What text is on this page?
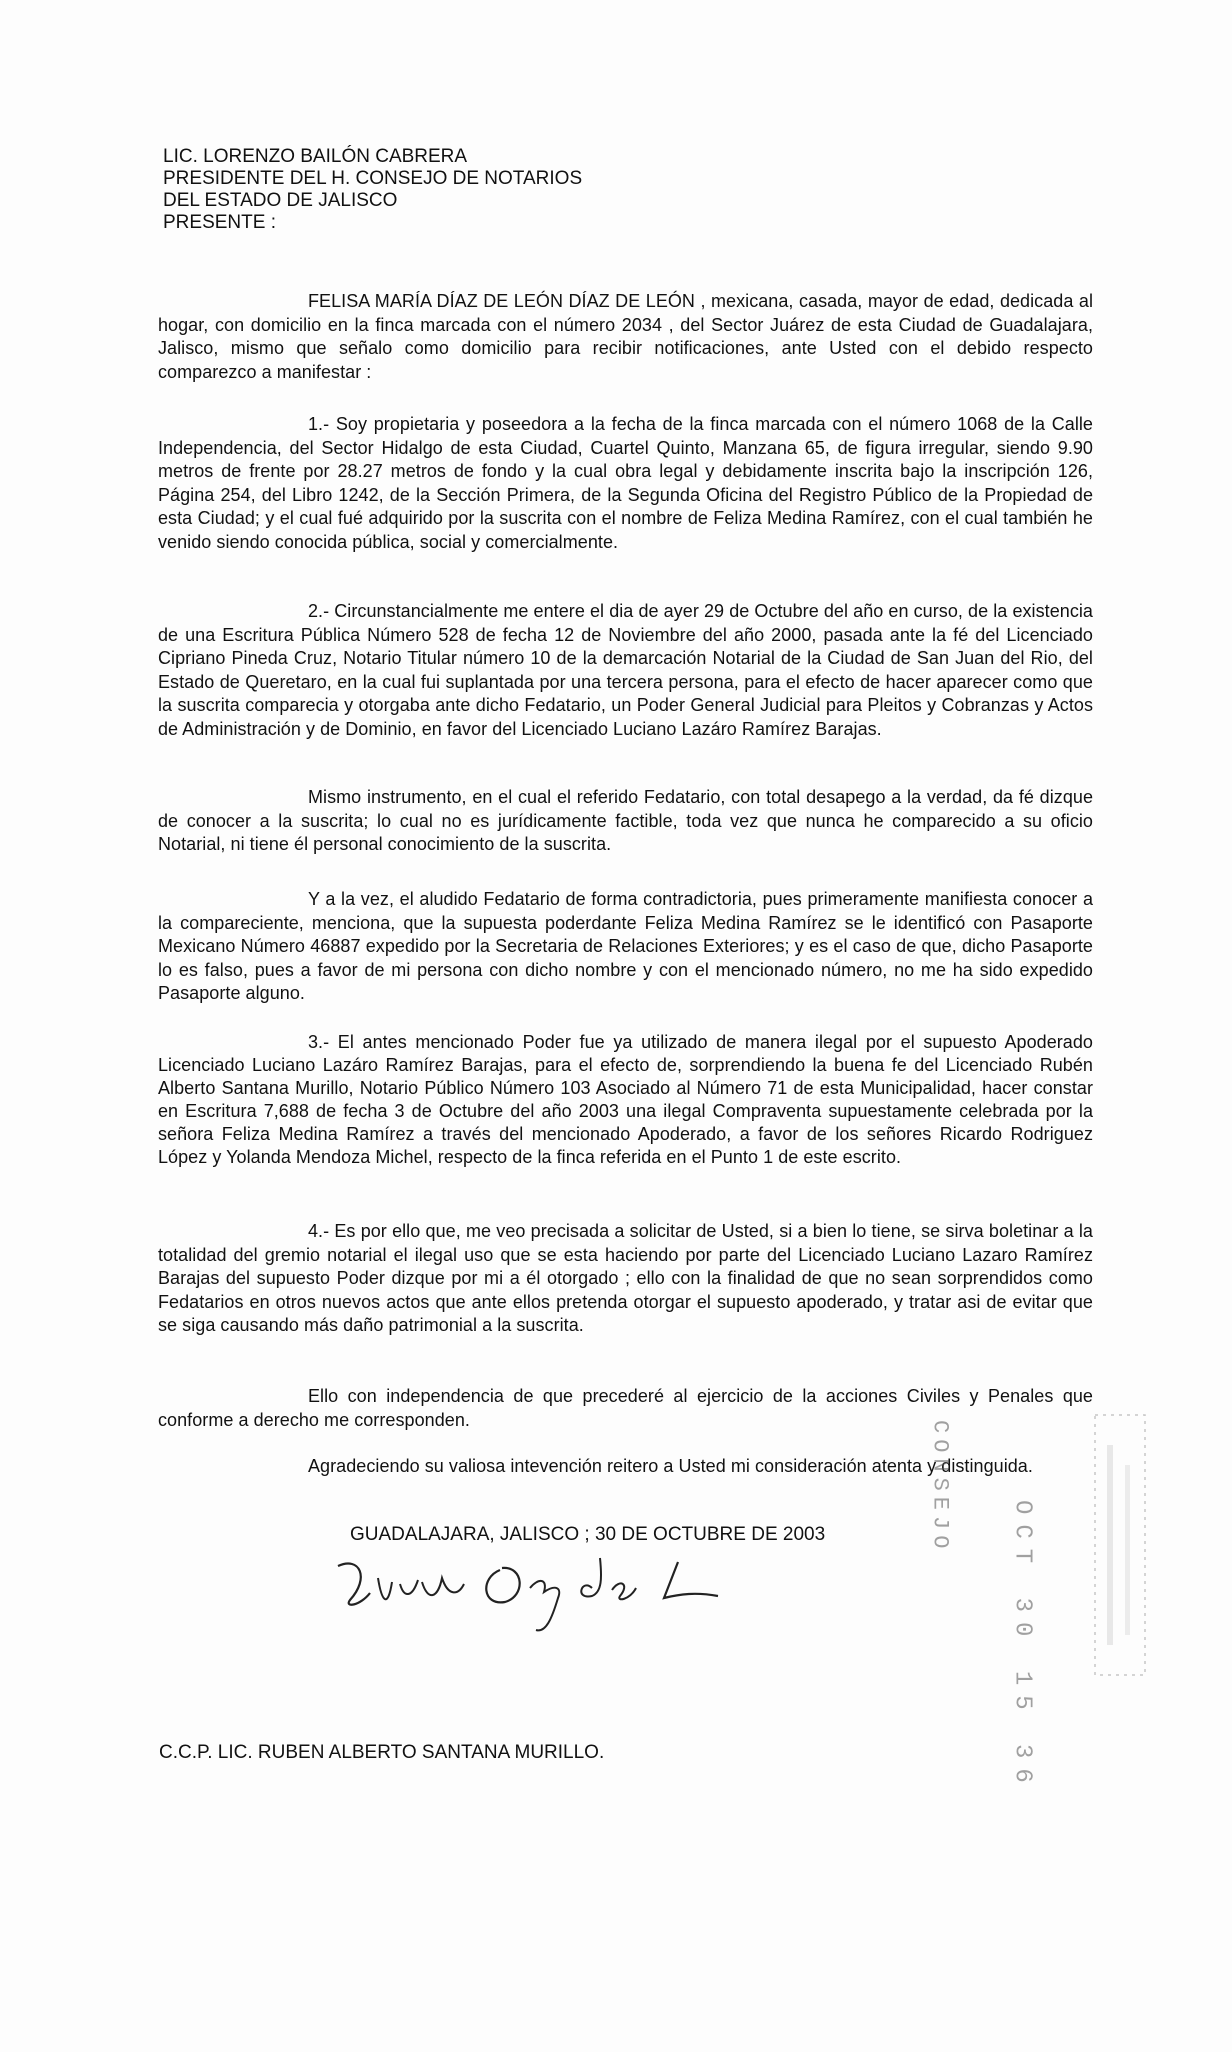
LIC. LORENZO BAILÓN CABRERA
PRESIDENTE DEL H. CONSEJO DE NOTARIOS
DEL ESTADO DE JALISCO
PRESENTE :
FELISA MARÍA DÍAZ DE LEÓN DÍAZ DE LEÓN , mexicana, casada, mayor de edad, dedicada al hogar, con domicilio en la finca marcada con el número 2034 , del Sector Juárez de esta Ciudad de Guadalajara, Jalisco, mismo que señalo como domicilio para recibir notificaciones, ante Usted con el debido respecto comparezco a manifestar :
1.- Soy propietaria y poseedora a la fecha de la finca marcada con el número 1068 de la Calle Independencia, del Sector Hidalgo de esta Ciudad, Cuartel Quinto, Manzana 65, de figura irregular, siendo 9.90 metros de frente por 28.27 metros de fondo y la cual obra legal y debidamente inscrita bajo la inscripción 126, Página 254, del Libro 1242, de la Sección Primera, de la Segunda Oficina del Registro Público de la Propiedad de esta Ciudad; y el cual fué adquirido por la suscrita con el nombre de Feliza Medina Ramírez, con el cual también he venido siendo conocida pública, social y comercialmente.
2.- Circunstancialmente me entere el dia de ayer 29 de Octubre del año en curso, de la existencia de una Escritura Pública Número 528 de fecha 12 de Noviembre del año 2000, pasada ante la fé del Licenciado Cipriano Pineda Cruz, Notario Titular número 10 de la demarcación Notarial de la Ciudad de San Juan del Rio, del Estado de Queretaro, en la cual fui suplantada por una tercera persona, para el efecto de hacer aparecer como que la suscrita comparecia y otorgaba ante dicho Fedatario, un Poder General Judicial para Pleitos y Cobranzas y Actos de Administración y de Dominio, en favor del Licenciado Luciano Lazáro Ramírez Barajas.
Mismo instrumento, en el cual el referido Fedatario, con total desapego a la verdad, da fé dizque de conocer a la suscrita; lo cual no es jurídicamente factible, toda vez que nunca he comparecido a su oficio Notarial, ni tiene él personal conocimiento de la suscrita.
Y a la vez, el aludido Fedatario de forma contradictoria, pues primeramente manifiesta conocer a la compareciente, menciona, que la supuesta poderdante Feliza Medina Ramírez se le identificó con Pasaporte Mexicano Número 46887 expedido por la Secretaria de Relaciones Exteriores; y es el caso de que, dicho Pasaporte lo es falso, pues a favor de mi persona con dicho nombre y con el mencionado número, no me ha sido expedido Pasaporte alguno.
3.- El antes mencionado Poder fue ya utilizado de manera ilegal por el supuesto Apoderado Licenciado Luciano Lazáro Ramírez Barajas, para el efecto de, sorprendiendo la buena fe del Licenciado Rubén Alberto Santana Murillo, Notario Público Número 103 Asociado al Número 71 de esta Municipalidad, hacer constar en Escritura 7,688 de fecha 3 de Octubre del año 2003 una ilegal Compraventa supuestamente celebrada por la señora Feliza Medina Ramírez a través del mencionado Apoderado, a favor de los señores Ricardo Rodriguez López y Yolanda Mendoza Michel, respecto de la finca referida en el Punto 1 de este escrito.
4.- Es por ello que, me veo precisada a solicitar de Usted, si a bien lo tiene, se sirva boletinar a la totalidad del gremio notarial el ilegal uso que se esta haciendo por parte del Licenciado Luciano Lazaro Ramírez Barajas del supuesto Poder dizque por mi a él otorgado ; ello con la finalidad de que no sean sorprendidos como Fedatarios en otros nuevos actos que ante ellos pretenda otorgar el supuesto apoderado, y tratar asi de evitar que se siga causando más daño patrimonial a la suscrita.
Ello con independencia de que precederé al ejercicio de la acciones Civiles y Penales que conforme a derecho me corresponden.
Agradeciendo su valiosa intevención reitero a Usted mi consideración atenta y distinguida.
GUADALAJARA, JALISCO ; 30 DE OCTUBRE DE 2003	CONSEJO
OCT 30 15 36
C.C.P. LIC. RUBEN ALBERTO SANTANA MURILLO.
